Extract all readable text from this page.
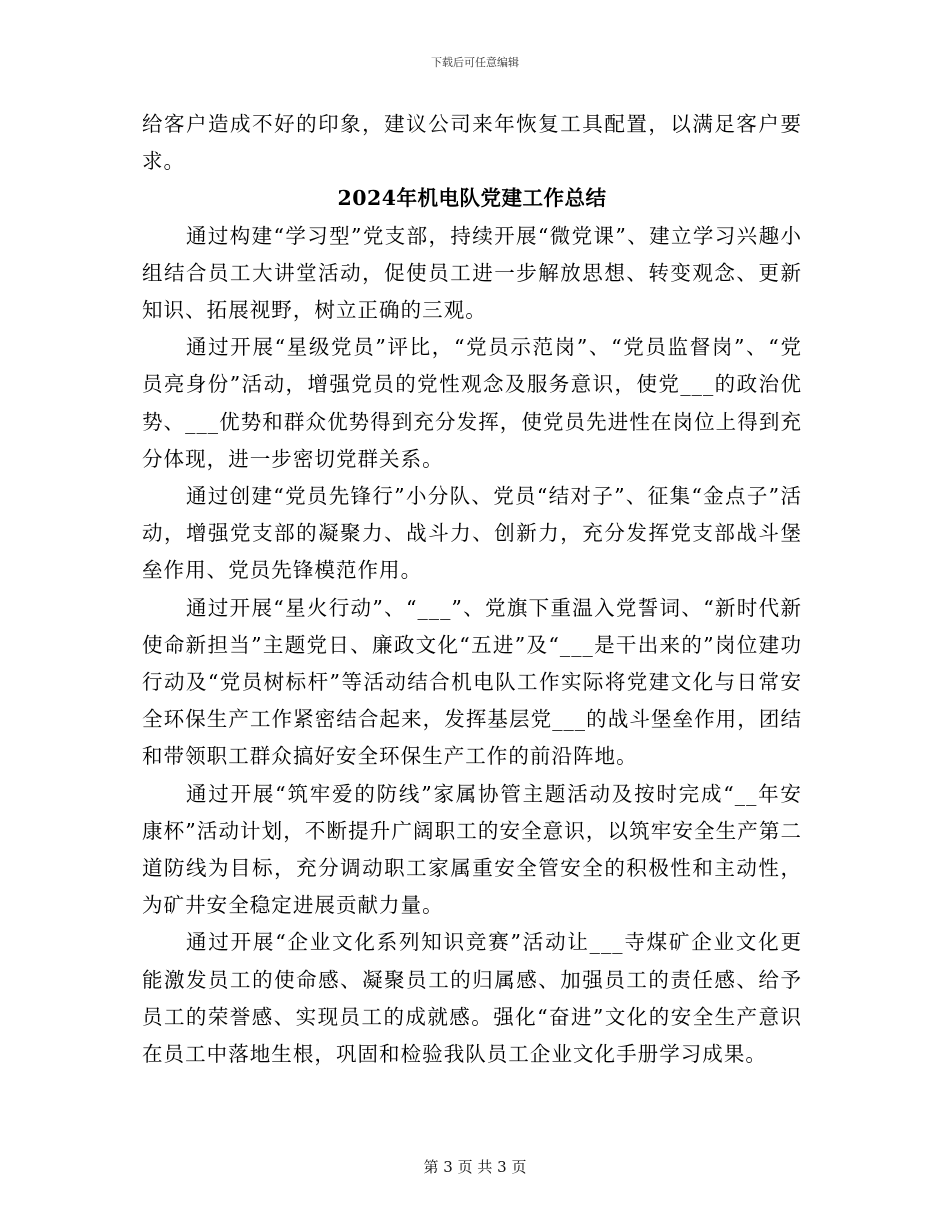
下载后可任意编辑

给客户造成不好的印象，建议公司来年恢复工具配置，以满足客户要求。

2024年机电队党建工作总结

通过构建“学习型”党支部，持续开展“微党课”、建立学习兴趣小组结合员工大讲堂活动，促使员工进一步解放思想、转变观念、更新知识、拓展视野，树立正确的三观。

通过开展“星级党员”评比，“党员示范岗”、“党员监督岗”、“党员亮身份”活动，增强党员的党性观念及服务意识，使党___的政治优势、___优势和群众优势得到充分发挥，使党员先进性在岗位上得到充分体现，进一步密切党群关系。

通过创建“党员先锋行”小分队、党员“结对子”、征集“金点子”活动，增强党支部的凝聚力、战斗力、创新力，充分发挥党支部战斗堡垒作用、党员先锋模范作用。

通过开展“星火行动”、“___”、党旗下重温入党誓词、“新时代新使命新担当”主题党日、廉政文化“五进”及“___是干出来的”岗位建功行动及“党员树标杆”等活动结合机电队工作实际将党建文化与日常安全环保生产工作紧密结合起来，发挥基层党___的战斗堡垒作用，团结和带领职工群众搞好安全环保生产工作的前沿阵地。

通过开展“筑牢爱的防线”家属协管主题活动及按时完成“__年安康杯”活动计划，不断提升广阔职工的安全意识，以筑牢安全生产第二道防线为目标，充分调动职工家属重安全管安全的积极性和主动性，为矿井安全稳定进展贡献力量。

通过开展“企业文化系列知识竞赛”活动让___寺煤矿企业文化更能激发员工的使命感、凝聚员工的归属感、加强员工的责任感、给予员工的荣誉感、实现员工的成就感。强化“奋进”文化的安全生产意识在员工中落地生根，巩固和检验我队员工企业文化手册学习成果。

第 3 页 共 3 页
